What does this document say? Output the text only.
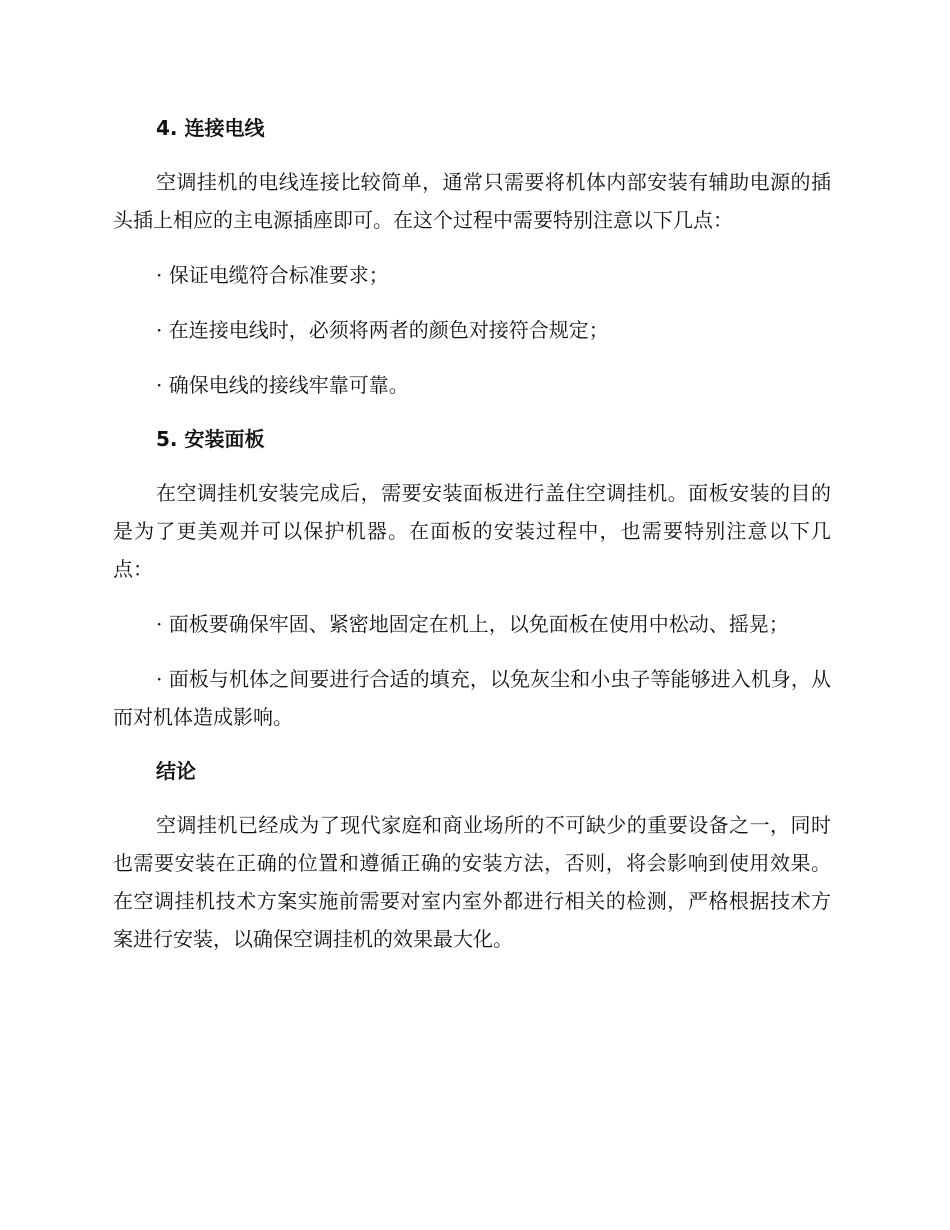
4. 连接电线

空调挂机的电线连接比较简单，通常只需要将机体内部安装有辅助电源的插头插上相应的主电源插座即可。在这个过程中需要特别注意以下几点：

· 保证电缆符合标准要求；

· 在连接电线时，必须将两者的颜色对接符合规定；

· 确保电线的接线牢靠可靠。

5. 安装面板

在空调挂机安装完成后，需要安装面板进行盖住空调挂机。面板安装的目的是为了更美观并可以保护机器。在面板的安装过程中，也需要特别注意以下几点：

· 面板要确保牢固、紧密地固定在机上，以免面板在使用中松动、摇晃；

· 面板与机体之间要进行合适的填充，以免灰尘和小虫子等能够进入机身，从而对机体造成影响。

结论

空调挂机已经成为了现代家庭和商业场所的不可缺少的重要设备之一，同时也需要安装在正确的位置和遵循正确的安装方法，否则，将会影响到使用效果。在空调挂机技术方案实施前需要对室内室外都进行相关的检测，严格根据技术方案进行安装，以确保空调挂机的效果最大化。
